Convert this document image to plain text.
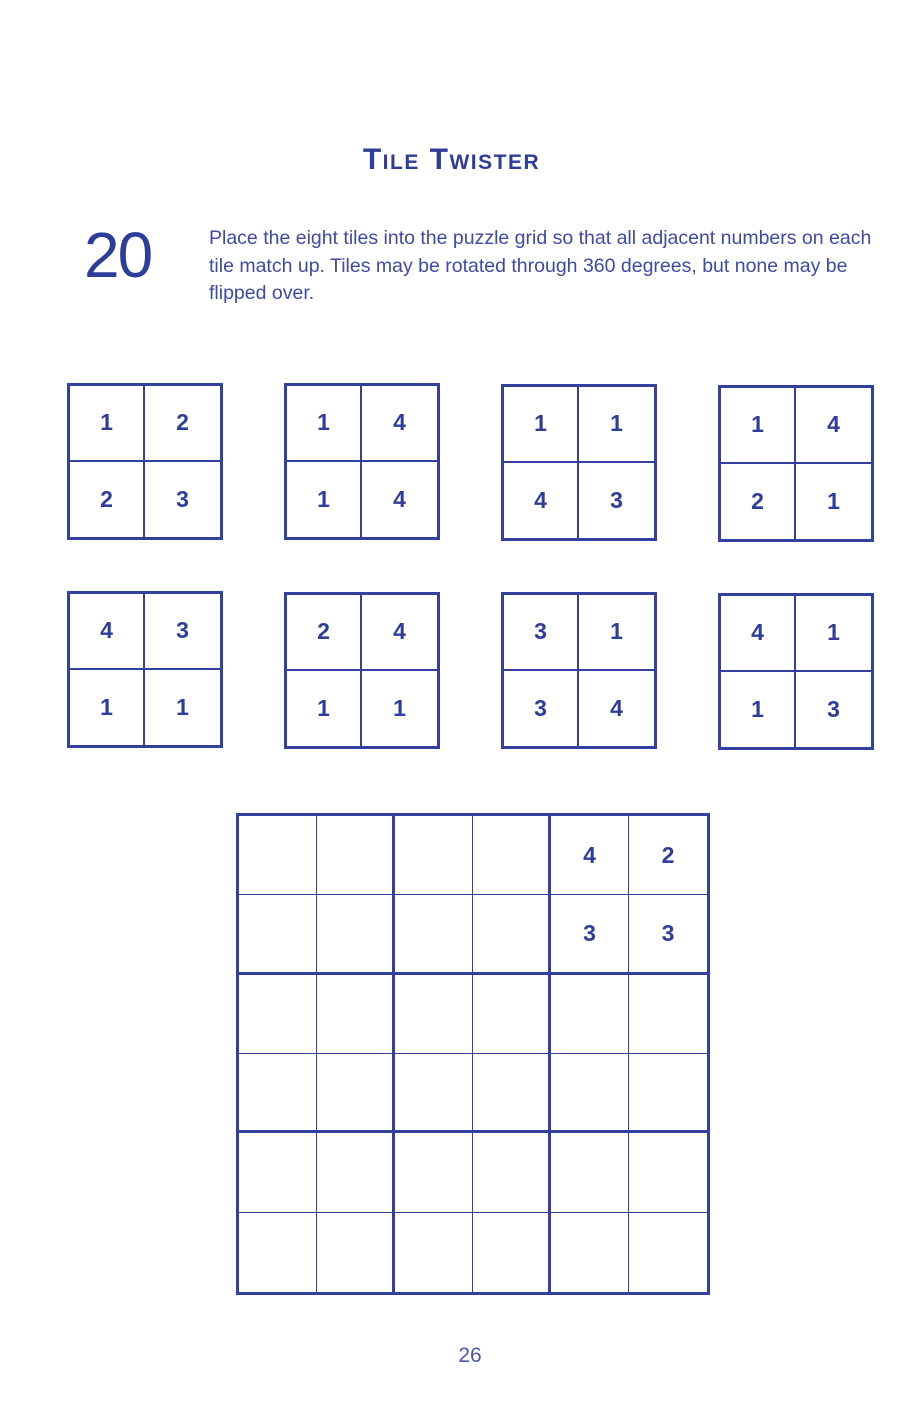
Tile Twister
20	Place the eight tiles into the puzzle grid so that all adjacent numbers on each tile match up. Tiles may be rotated through 360 degrees, but none may be flipped over.
1	2
2	3
1	4
1	4
1	1
4	3
1	4
2	1
4	3
1	1
2	4
1	1
3	1
3	4
4	1
1	3
4	2
3	3
26
